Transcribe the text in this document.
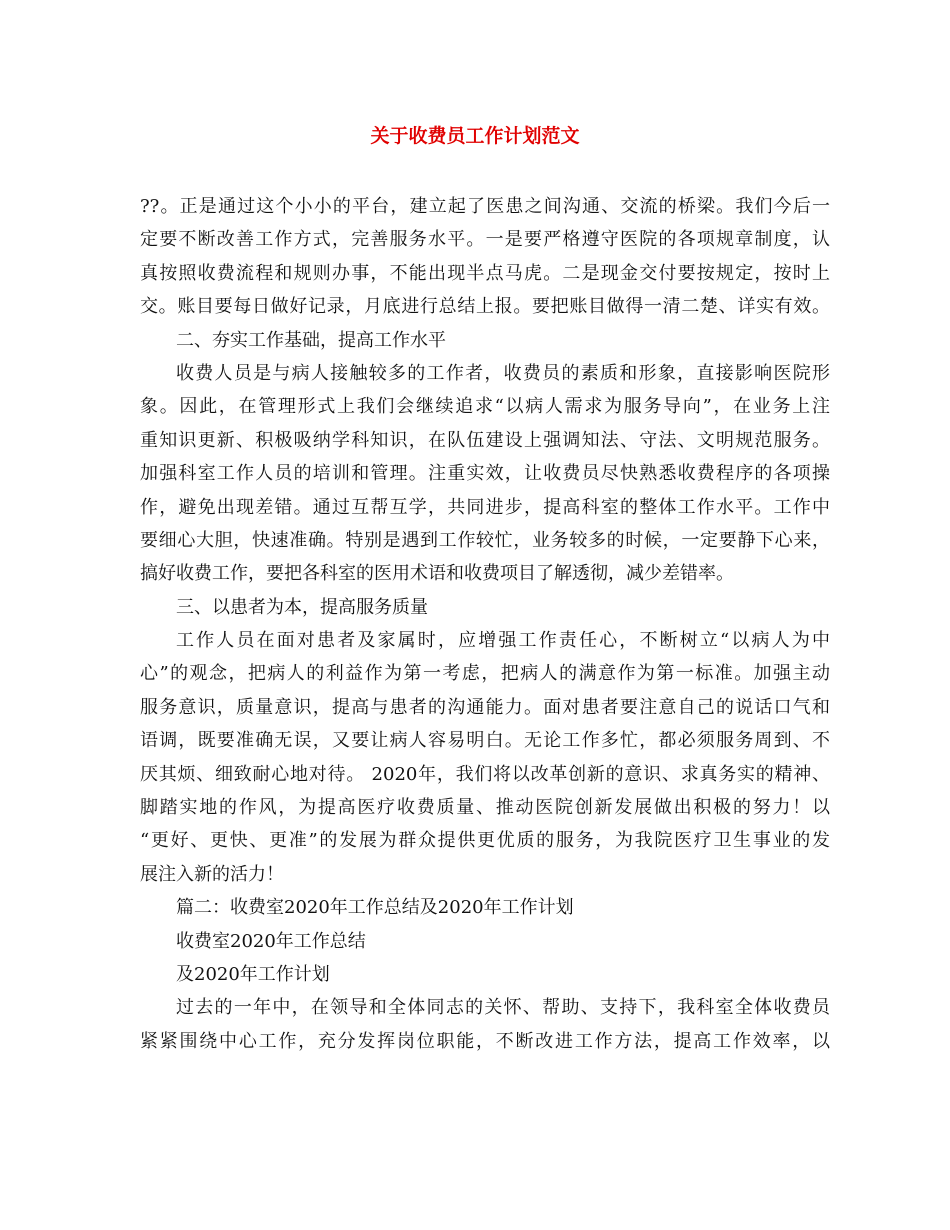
关于收费员工作计划范文
??。正是通过这个小小的平台，建立起了医患之间沟通、交流的桥梁。我们今后一
定要不断改善工作方式，完善服务水平。一是要严格遵守医院的各项规章制度，认
真按照收费流程和规则办事，不能出现半点马虎。二是现金交付要按规定，按时上
交。账目要每日做好记录，月底进行总结上报。要把账目做得一清二楚、详实有效。
二、夯实工作基础，提高工作水平
收费人员是与病人接触较多的工作者，收费员的素质和形象，直接影响医院形
象。因此，在管理形式上我们会继续追求“以病人需求为服务导向”，在业务上注
重知识更新、积极吸纳学科知识，在队伍建设上强调知法、守法、文明规范服务。
加强科室工作人员的培训和管理。注重实效，让收费员尽快熟悉收费程序的各项操
作，避免出现差错。通过互帮互学，共同进步，提高科室的整体工作水平。工作中
要细心大胆，快速准确。特别是遇到工作较忙，业务较多的时候，一定要静下心来，
搞好收费工作，要把各科室的医用术语和收费项目了解透彻，减少差错率。
三、以患者为本，提高服务质量
工作人员在面对患者及家属时，应增强工作责任心，不断树立“以病人为中
心”的观念，把病人的利益作为第一考虑，把病人的满意作为第一标准。加强主动
服务意识，质量意识，提高与患者的沟通能力。面对患者要注意自己的说话口气和
语调，既要准确无误，又要让病人容易明白。无论工作多忙，都必须服务周到、不
厌其烦、细致耐心地对待。 2020年，我们将以改革创新的意识、求真务实的精神、
脚踏实地的作风，为提高医疗收费质量、推动医院创新发展做出积极的努力！以
“更好、更快、更准”的发展为群众提供更优质的服务，为我院医疗卫生事业的发
展注入新的活力！
篇二：收费室2020年工作总结及2020年工作计划
收费室2020年工作总结
及2020年工作计划
过去的一年中，在领导和全体同志的关怀、帮助、支持下，我科室全体收费员
紧紧围绕中心工作，充分发挥岗位职能，不断改进工作方法，提高工作效率，以
